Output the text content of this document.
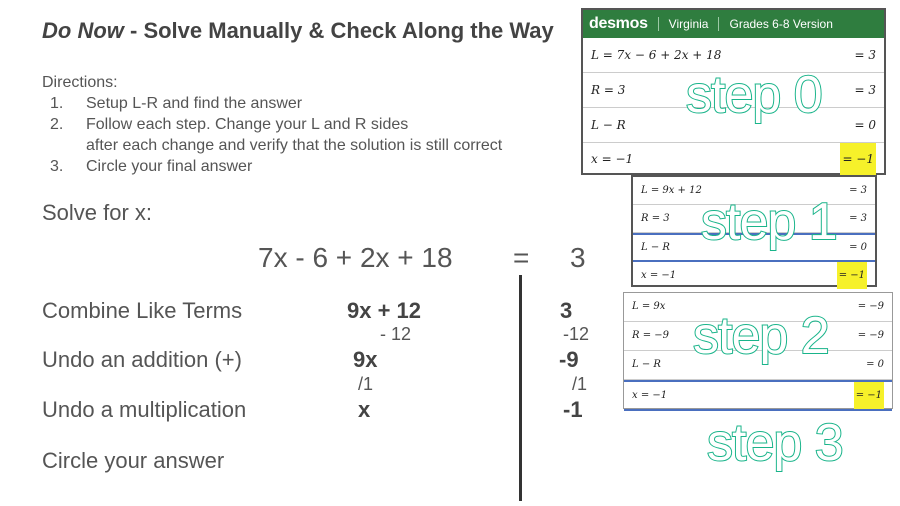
Do Now - Solve Manually & Check Along the Way
Directions:
1. Setup L-R and find the answer
2. Follow each step. Change your L and R sides
after each change and verify that the solution is still correct
3. Circle your final answer
Solve for x:
7x - 6 + 2x + 18 = 3
Combine Like Terms	9x + 12	3
- 12	-12
Undo an addition (+)	9x	-9
/1	/1
Undo a multiplication	x	-1
Circle your answer
desmos Virginia Grades 6-8 Version
L = 7x − 6 + 2x + 18	= 3
R = 3	= 3
L − R	= 0
x = −1	= −1
L = 9x + 12	= 3
R = 3	= 3
L − R	= 0
x = −1	= −1
L = 9x	= −9
R = −9	= −9
L − R	= 0
x = −1	= −1
step 0
step 1
step 2
step 3
